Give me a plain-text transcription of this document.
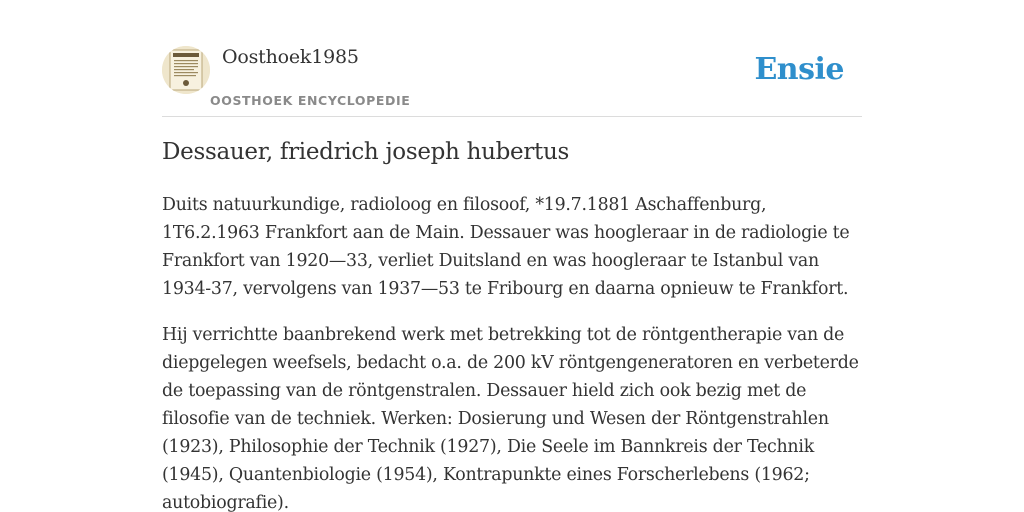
Oosthoek1985
OOSTHOEK ENCYCLOPEDIE
Ensie
Dessauer, friedrich joseph hubertus

Duits natuurkundige, radioloog en filosoof, *19.7.1881 Aschaffenburg, 1T6.2.1963 Frankfort aan de Main. Dessauer was hoogleraar in de radiologie te Frankfort van 1920—33, verliet Duitsland en was hoogleraar te Istanbul van 1934-37, vervolgens van 1937—53 te Fribourg en daarna opnieuw te Frankfort.

Hij verrichtte baanbrekend werk met betrekking tot de röntgentherapie van de diepgelegen weefsels, bedacht o.a. de 200 kV röntgengeneratoren en verbeterde de toepassing van de röntgenstralen. Dessauer hield zich ook bezig met de filosofie van de techniek. Werken: Dosierung und Wesen der Röntgenstrahlen (1923), Philosophie der Technik (1927), Die Seele im Bannkreis der Technik (1945), Quantenbiologie (1954), Kontrapunkte eines Forscherlebens (1962; autobiografie).
